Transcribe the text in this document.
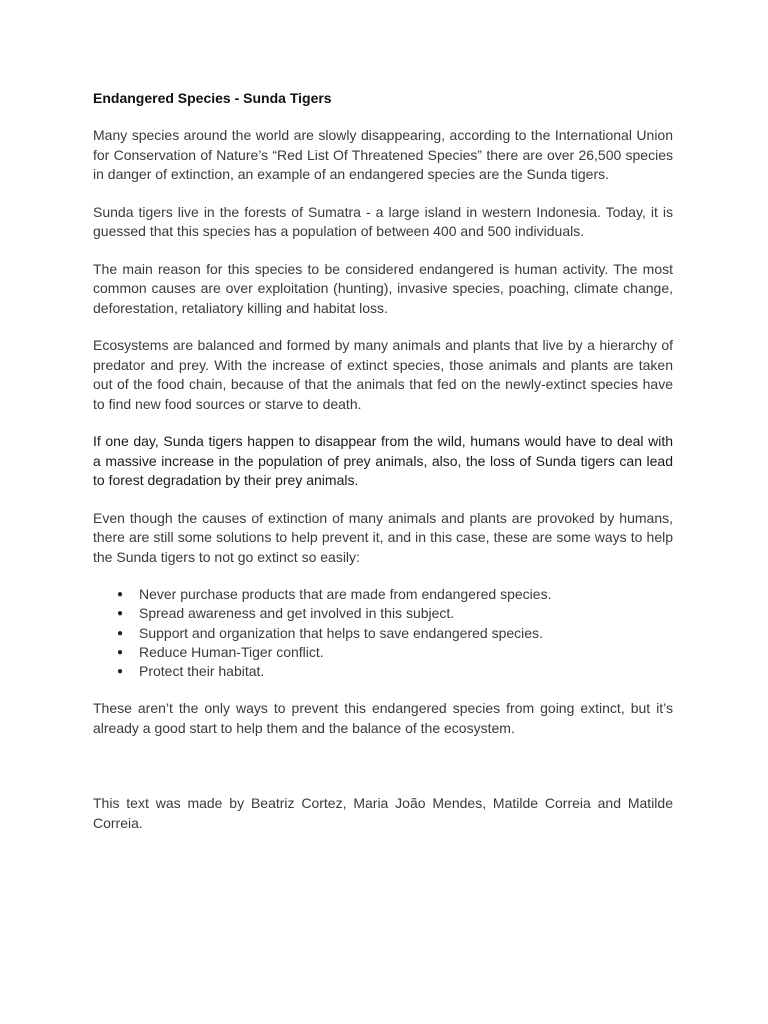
Endangered Species - Sunda Tigers

Many species around the world are slowly disappearing, according to the International Union for Conservation of Nature’s “Red List Of Threatened Species” there are over 26,500 species in danger of extinction, an example of an endangered species are the Sunda tigers.

Sunda tigers live in the forests of Sumatra - a large island in western Indonesia. Today, it is guessed that this species has a population of between 400 and 500 individuals.

The main reason for this species to be considered endangered is human activity. The most common causes are over exploitation (hunting), invasive species, poaching, climate change, deforestation, retaliatory killing and habitat loss.

Ecosystems are balanced and formed by many animals and plants that live by a hierarchy of predator and prey. With the increase of extinct species, those animals and plants are taken out of the food chain, because of that the animals that fed on the newly-extinct species have to find new food sources or starve to death.

If one day, Sunda tigers happen to disappear from the wild, humans would have to deal with a massive increase in the population of prey animals, also, the loss of Sunda tigers can lead to forest degradation by their prey animals.

Even though the causes of extinction of many animals and plants are provoked by humans, there are still some solutions to help prevent it, and in this case, these are some ways to help the Sunda tigers to not go extinct so easily:

● Never purchase products that are made from endangered species.
● Spread awareness and get involved in this subject.
● Support and organization that helps to save endangered species.
● Reduce Human-Tiger conflict.
● Protect their habitat.

These aren’t the only ways to prevent this endangered species from going extinct, but it’s already a good start to help them and the balance of the ecosystem.

This text was made by Beatriz Cortez, Maria João Mendes, Matilde Correia and Matilde Correia.
